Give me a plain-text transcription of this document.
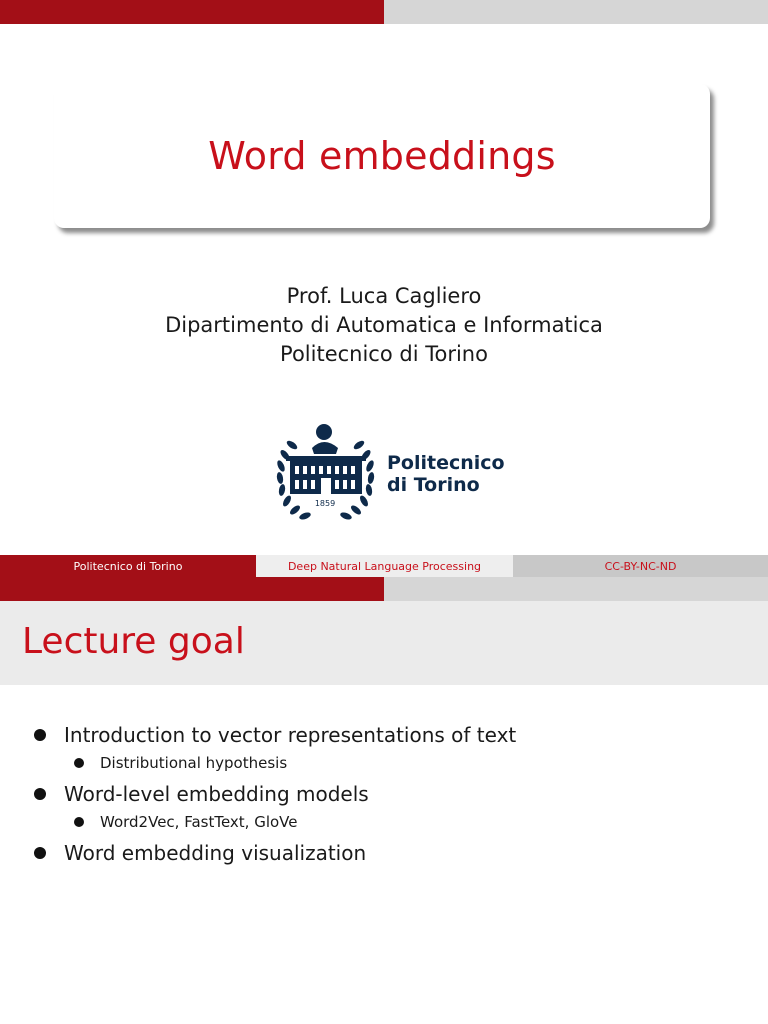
Word embeddings
Prof. Luca Cagliero
Dipartimento di Automatica e Informatica
Politecnico di Torino
1859
Politecnico
di Torino
Politecnico di Torino	Deep Natural Language Processing	CC-BY-NC-ND
Lecture goal
Introduction to vector representations of text
Distributional hypothesis
Word-level embedding models
Word2Vec, FastText, GloVe
Word embedding visualization
